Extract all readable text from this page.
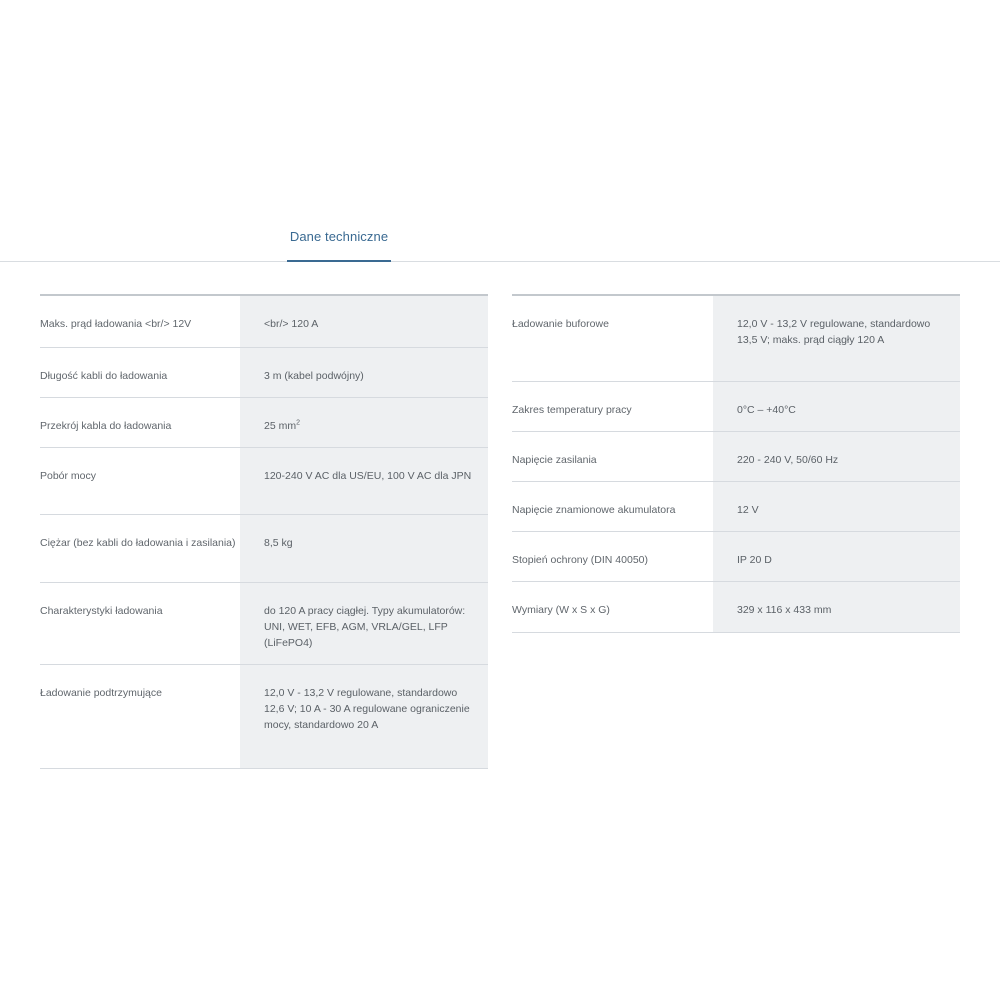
Dane techniczne
Maks. prąd ładowania <br/> 12V	<br/> 120 A
Długość kabli do ładowania	3 m (kabel podwójny)
Przekrój kabla do ładowania	25 $mm^2$
Pobór mocy	120-240 V AC dla US/EU, 100 V AC dla JPN
Ciężar (bez kabli do ładowania i zasilania)	8,5 kg
Charakterystyki ładowania	do 120 A pracy ciągłej. Typy akumulatorów: UNI, WET, EFB, AGM, VRLA/GEL, LFP (LiFePO4)
Ładowanie podtrzymujące	12,0 V - 13,2 V regulowane, standardowo 12,6 V; 10 A - 30 A regulowane ograniczenie mocy, standardowo 20 A
Ładowanie buforowe	12,0 V - 13,2 V regulowane, standardowo 13,5 V; maks. prąd ciągły 120 A
Zakres temperatury pracy	0°C – +40°C
Napięcie zasilania	220 - 240 V, 50/60 Hz
Napięcie znamionowe akumulatora	12 V
Stopień ochrony (DIN 40050)	IP 20 D
Wymiary (W x S x G)	329 x 116 x 433 mm
